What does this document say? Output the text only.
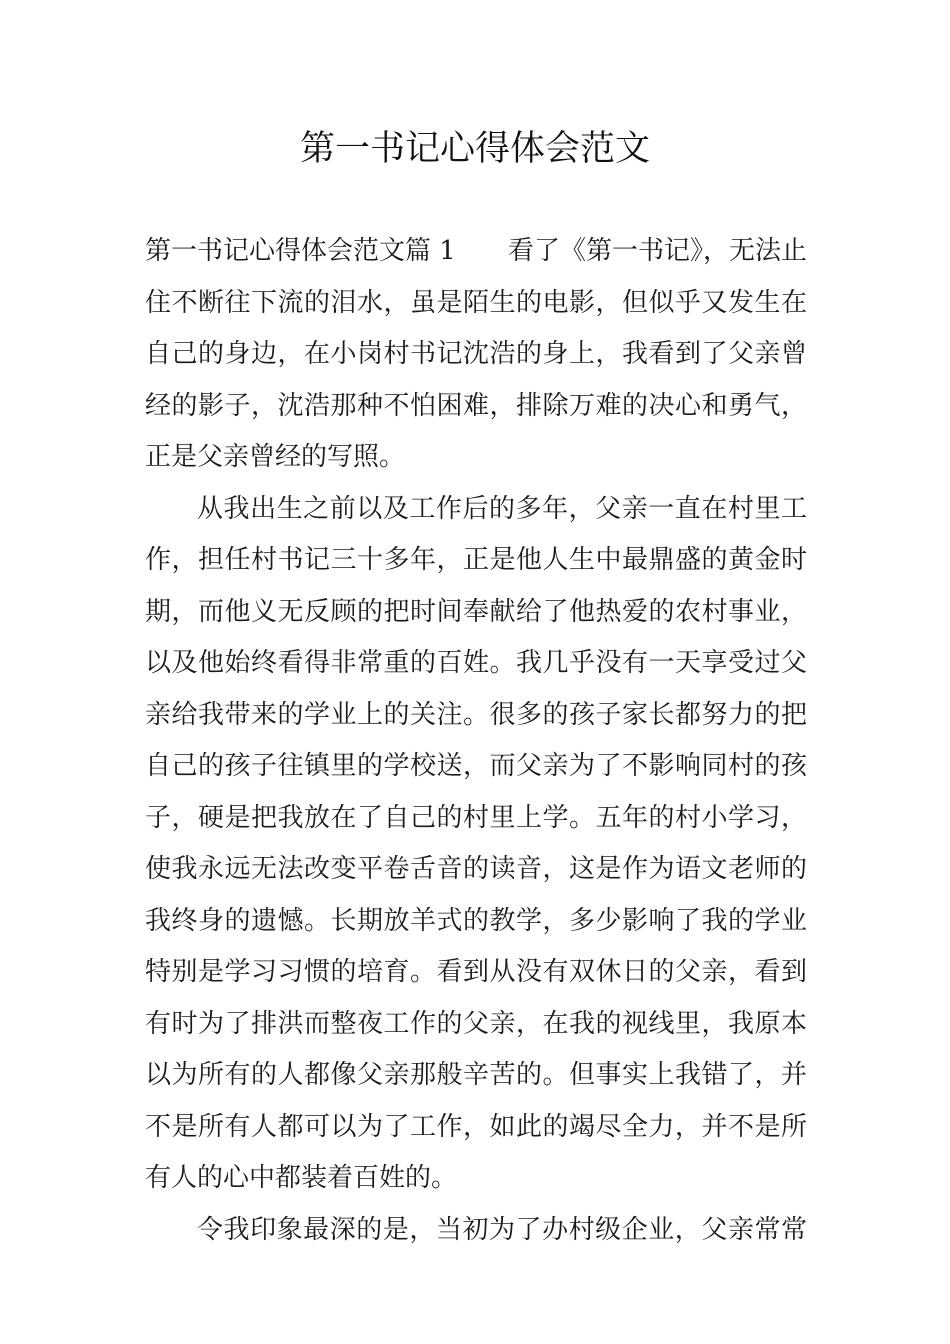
第一书记心得体会范文
第一书记心得体会范文篇 1 看了《第一书记》，无法止
住不断往下流的泪水，虽是陌生的电影，但似乎又发生在
自己的身边，在小岗村书记沈浩的身上，我看到了父亲曾
经的影子，沈浩那种不怕困难，排除万难的决心和勇气，
正是父亲曾经的写照。
从我出生之前以及工作后的多年，父亲一直在村里工
作，担任村书记三十多年，正是他人生中最鼎盛的黄金时
期，而他义无反顾的把时间奉献给了他热爱的农村事业，
以及他始终看得非常重的百姓。我几乎没有一天享受过父
亲给我带来的学业上的关注。很多的孩子家长都努力的把
自己的孩子往镇里的学校送，而父亲为了不影响同村的孩
子，硬是把我放在了自己的村里上学。五年的村小学习，
使我永远无法改变平卷舌音的读音，这是作为语文老师的
我终身的遗憾。长期放羊式的教学，多少影响了我的学业
特别是学习习惯的培育。看到从没有双休日的父亲，看到
有时为了排洪而整夜工作的父亲，在我的视线里，我原本
以为所有的人都像父亲那般辛苦的。但事实上我错了，并
不是所有人都可以为了工作，如此的竭尽全力，并不是所
有人的心中都装着百姓的。
令我印象最深的是，当初为了办村级企业，父亲常常
